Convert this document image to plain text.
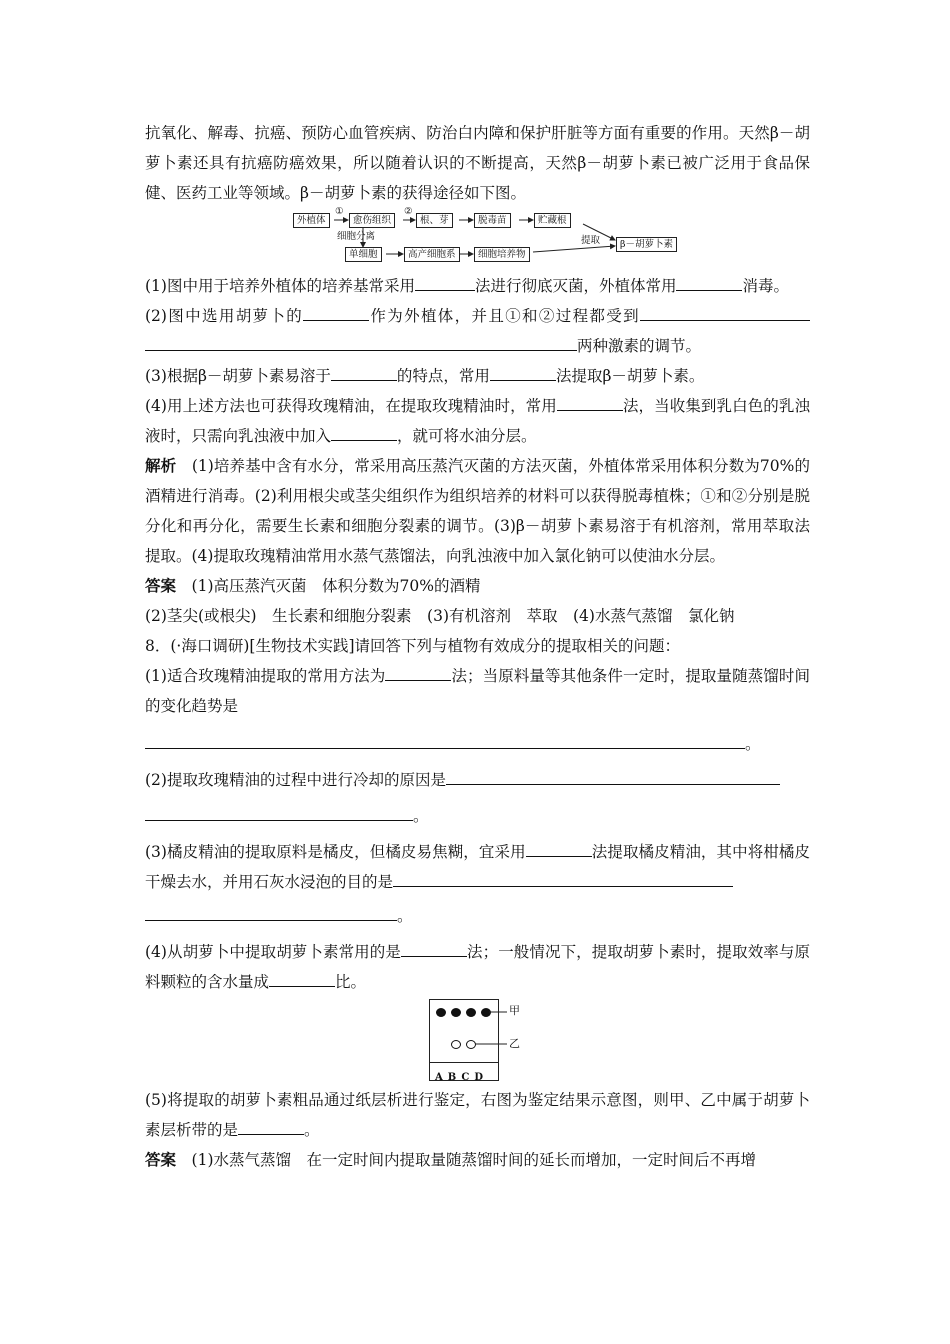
抗氧化、解毒、抗癌、预防心血管疾病、防治白内障和保护肝脏等方面有重要的作用。天然β－胡萝卜素还具有抗癌防癌效果，所以随着认识的不断提高，天然β－胡萝卜素已被广泛用于食品保健、医药工业等领域。β－胡萝卜素的获得途径如下图。

外植体
①
愈伤组织
②
根、芽	脱毒苗	贮藏根
细胞分离
单细胞	高产细胞系	细胞培养物
提取	β－胡萝卜素

(1)图中用于培养外植体的培养基常采用	法进行彻底灭菌，外植体常用	消毒。

(2)图中选用胡萝卜的	作为外植体，并且①和②过程都受到两种激素的调节。

(3)根据β－胡萝卜素易溶于	的特点，常用	法提取β－胡萝卜素。

(4)用上述方法也可获得玫瑰精油，在提取玫瑰精油时，常用	法，当收集到乳白色的乳浊液时，只需向乳浊液中加入	，就可将水油分层。

解析　 (1)培养基中含有水分，常采用高压蒸汽灭菌的方法灭菌，外植体常采用体积分数为70%的酒精进行消毒。(2)利用根尖或茎尖组织作为组织培养的材料可以获得脱毒植株；①和②分别是脱分化和再分化，需要生长素和细胞分裂素的调节。(3)β－胡萝卜素易溶于有机溶剂，常用萃取法提取。(4)提取玫瑰精油常用水蒸气蒸馏法，向乳浊液中加入氯化钠可以使油水分层。

答案　 (1)高压蒸汽灭菌　体积分数为70%的酒精

(2)茎尖(或根尖)　生长素和细胞分裂素　(3)有机溶剂　萃取　(4)水蒸气蒸馏　氯化钠

8．(·海口调研)[生物技术实践]请回答下列与植物有效成分的提取相关的问题：

(1)适合玫瑰精油提取的常用方法为	法；当原料量等其他条件一定时，提取量随蒸馏时间的变化趋势是
。

(2)提取玫瑰精油的过程中进行冷却的原因是
。

(3)橘皮精油的提取原料是橘皮，但橘皮易焦糊，宜采用	法提取橘皮精油，其中将柑橘皮干燥去水，并用石灰水浸泡的目的是
。

(4)从胡萝卜中提取胡萝卜素常用的是	法；一般情况下，提取胡萝卜素时，提取效率与原料颗粒的含水量成	比。

ABCD
甲
乙

(5)将提取的胡萝卜素粗品通过纸层析进行鉴定，右图为鉴定结果示意图，则甲、乙中属于胡萝卜素层析带的是	。

答案　 (1)水蒸气蒸馏　在一定时间内提取量随蒸馏时间的延长而增加，一定时间后不再增
